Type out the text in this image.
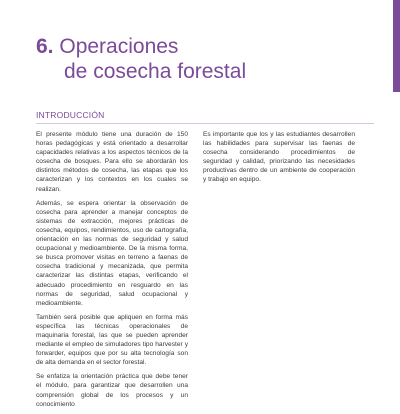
6. Operaciones
de cosecha forestal
INTRODUCCIÓN

El presente módulo tiene una duración de 150 horas pedagógicas y está orientado a desarrollar capacidades relativas a los aspectos técnicos de la cosecha de bosques. Para ello se abordarán los distintos métodos de cosecha, las etapas que los caracterizan y los contextos en los cuales se realizan.

Además, se espera orientar la observación de cosecha para aprender a manejar conceptos de sistemas de extracción, mejores prácticas de cosecha, equipos, rendimientos, uso de cartografía, orientación en las normas de seguridad y salud ocupacional y medioambiente. De la misma forma, se busca promover visitas en terreno a faenas de cosecha tradicional y mecanizada, que permita caracterizar las distintas etapas, verificando el adecuado procedimiento en resguardo en las normas de seguridad, salud ocupacional y medioambiente.

También será posible que apliquen en forma más específica las técnicas operacionales de maquinaria forestal, las que se pueden aprender mediante el empleo de simuladores tipo harvester y forwarder, equipos que por su alta tecnología son de alta demanda en el sector forestal.

Se enfatiza la orientación práctica que debe tener el módulo, para garantizar que desarrollen una comprensión global de los procesos y un conocimiento

Es importante que los y las estudiantes desarrollen las habilidades para supervisar las faenas de cosecha considerando procedimientos de seguridad y calidad, priorizando las necesidades productivas dentro de un ambiente de cooperación y trabajo en equipo.
